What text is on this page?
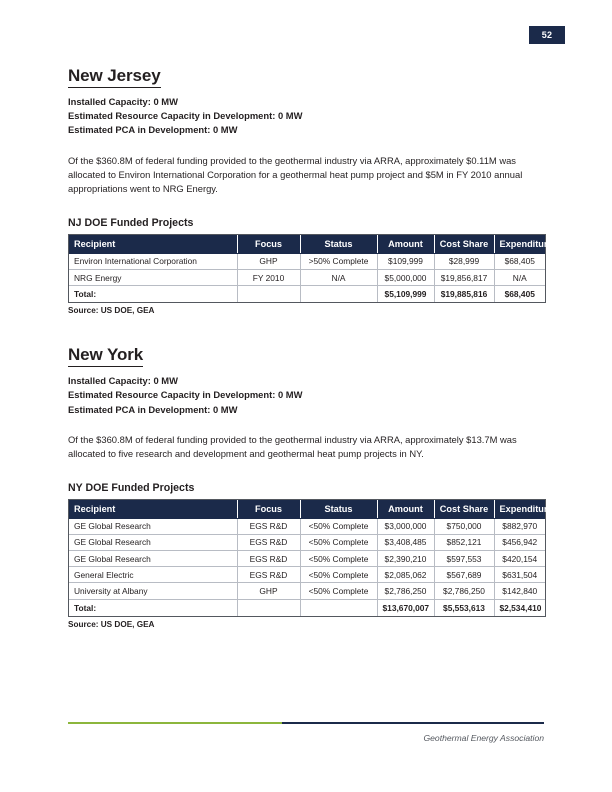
52
New Jersey

Installed Capacity: 0 MW

Estimated Resource Capacity in Development: 0 MW

Estimated PCA in Development: 0 MW

Of the $360.8M of federal funding provided to the geothermal industry via ARRA, approximately $0.11M was allocated to Environ International Corporation for a geothermal heat pump project and $5M in FY 2010 annual appropriations went to NRG Energy.

NJ DOE Funded Projects
Recipient	Focus	Status	Amount	Cost Share	Expenditure
Environ International Corporation	GHP	>50% Complete	$109,999	$28,999	$68,405
NRG Energy	FY 2010	N/A	$5,000,000	$19,856,817	N/A
Total:			$5,109,999	$19,885,816	$68,405

Source: US DOE, GEA

New York

Installed Capacity: 0 MW

Estimated Resource Capacity in Development: 0 MW

Estimated PCA in Development: 0 MW

Of the $360.8M of federal funding provided to the geothermal industry via ARRA, approximately $13.7M was allocated to five research and development and geothermal heat pump projects in NY.

NY DOE Funded Projects
Recipient	Focus	Status	Amount	Cost Share	Expenditure
GE Global Research	EGS R&D	<50% Complete	$3,000,000	$750,000	$882,970
GE Global Research	EGS R&D	<50% Complete	$3,408,485	$852,121	$456,942
GE Global Research	EGS R&D	<50% Complete	$2,390,210	$597,553	$420,154
General Electric	EGS R&D	<50% Complete	$2,085,062	$567,689	$631,504
University at Albany	GHP	<50% Complete	$2,786,250	$2,786,250	$142,840
Total:			$13,670,007	$5,553,613	$2,534,410

Source: US DOE, GEA

Geothermal Energy Association
